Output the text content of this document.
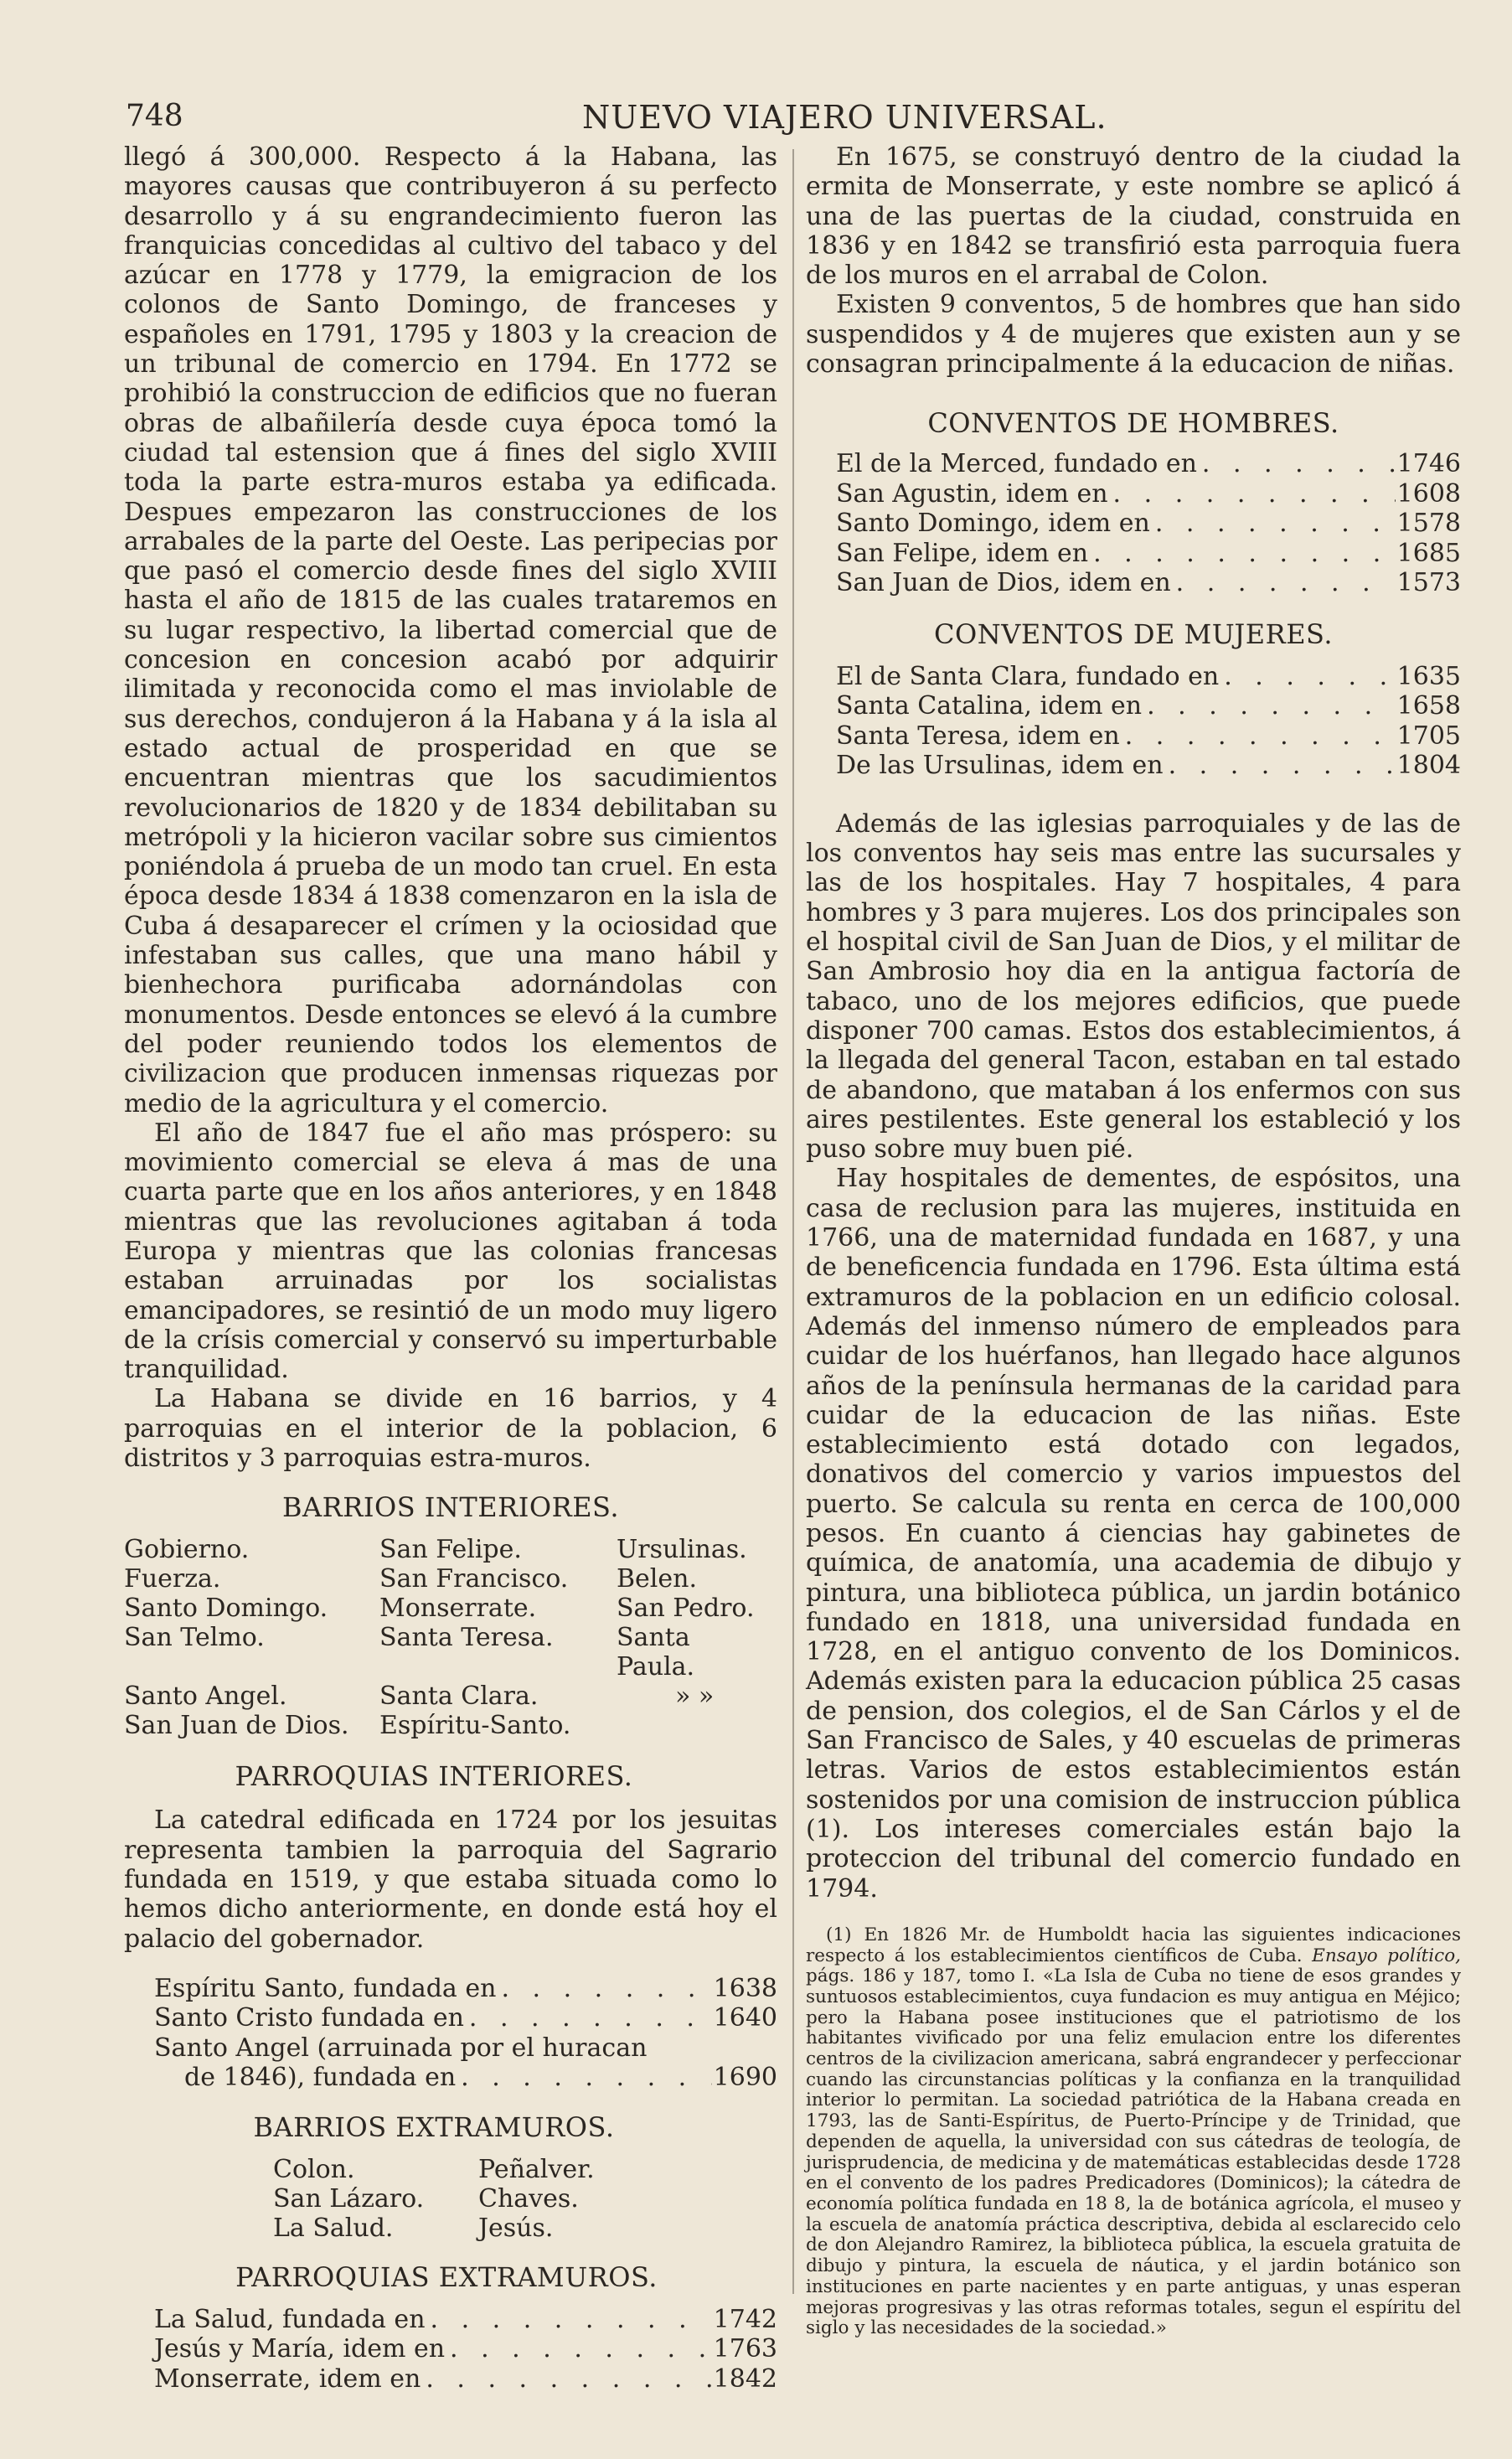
748	NUEVO VIAJERO UNIVERSAL.

llegó á 300,000. Respecto á la Habana, las mayores causas que contribuyeron á su perfecto desarrollo y á su engrandecimiento fueron las franquicias concedidas al cultivo del tabaco y del azúcar en 1778 y 1779, la emigracion de los colonos de Santo Domingo, de franceses y españoles en 1791, 1795 y 1803 y la creacion de un tribunal de comercio en 1794. En 1772 se prohibió la construccion de edificios que no fueran obras de albañilería desde cuya época tomó la ciudad tal estension que á fines del siglo XVIII toda la parte estra-muros estaba ya edificada. Despues empezaron las construcciones de los arrabales de la parte del Oeste. Las peripecias por que pasó el comercio desde fines del siglo XVIII hasta el año de 1815 de las cuales trataremos en su lugar respectivo, la libertad comercial que de concesion en concesion acabó por adquirir ilimitada y reconocida como el mas inviolable de sus derechos, condujeron á la Habana y á la isla al estado actual de prosperidad en que se encuentran mientras que los sacudimientos revolucionarios de 1820 y de 1834 debilitaban su metrópoli y la hicieron vacilar sobre sus cimientos poniéndola á prueba de un modo tan cruel. En esta época desde 1834 á 1838 comenzaron en la isla de Cuba á desaparecer el crímen y la ociosidad que infestaban sus calles, que una mano hábil y bienhechora purificaba adornándolas con monumentos. Desde entonces se elevó á la cumbre del poder reuniendo todos los elementos de civilizacion que producen inmensas riquezas por medio de la agricultura y el comercio.

El año de 1847 fue el año mas próspero: su movimiento comercial se eleva á mas de una cuarta parte que en los años anteriores, y en 1848 mientras que las revoluciones agitaban á toda Europa y mientras que las colonias francesas estaban arruinadas por los socialistas emancipadores, se resintió de un modo muy ligero de la crísis comercial y conservó su imperturbable tranquilidad.

La Habana se divide en 16 barrios, y 4 parroquias en el interior de la poblacion, 6 distritos y 3 parroquias estra-muros.

BARRIOS INTERIORES.
Gobierno.	San Felipe.	Ursulinas.
Fuerza.	San Francisco.	Belen.
Santo Domingo.	Monserrate.	San Pedro.
San Telmo.	Santa Teresa.	Santa Paula.
Santo Angel.	Santa Clara.	» »
San Juan de Dios.	Espíritu-Santo.
PARROQUIAS INTERIORES.

La catedral edificada en 1724 por los jesuitas representa tambien la parroquia del Sagrario fundada en 1519, y que estaba situada como lo hemos dicho anteriormente, en donde está hoy el palacio del gobernador.

Espíritu Santo, fundada en . . .	1638
Santo Cristo fundada en . . .	1640
Santo Angel (arruinada por el huracan
de 1846), fundada en . . .	1690
BARRIOS EXTRAMUROS.
Colon.	Peñalver.
San Lázaro.	Chaves.
La Salud.	Jesús.
PARROQUIAS EXTRAMUROS.
La Salud, fundada en . . .	1742
Jesús y María, idem en . . .	1763
Monserrate, idem en . . .	1842

En 1675, se construyó dentro de la ciudad la ermita de Monserrate, y este nombre se aplicó á una de las puertas de la ciudad, construida en 1836 y en 1842 se transfirió esta parroquia fuera de los muros en el arrabal de Colon.

Existen 9 conventos, 5 de hombres que han sido suspendidos y 4 de mujeres que existen aun y se consagran principalmente á la educacion de niñas.

CONVENTOS DE HOMBRES.
El de la Merced, fundado en . . .	1746
San Agustin, idem en . . .	1608
Santo Domingo, idem en . . .	1578
San Felipe, idem en . . .	1685
San Juan de Dios, idem en . . .	1573
CONVENTOS DE MUJERES.
El de Santa Clara, fundado en . . .	1635
Santa Catalina, idem en . . .	1658
Santa Teresa, idem en . . .	1705
De las Ursulinas, idem en . . .	1804

Además de las iglesias parroquiales y de las de los conventos hay seis mas entre las sucursales y las de los hospitales. Hay 7 hospitales, 4 para hombres y 3 para mujeres. Los dos principales son el hospital civil de San Juan de Dios, y el militar de San Ambrosio hoy dia en la antigua factoría de tabaco, uno de los mejores edificios, que puede disponer 700 camas. Estos dos establecimientos, á la llegada del general Tacon, estaban en tal estado de abandono, que mataban á los enfermos con sus aires pestilentes. Este general los estableció y los puso sobre muy buen pié.

Hay hospitales de dementes, de espósitos, una casa de reclusion para las mujeres, instituida en 1766, una de maternidad fundada en 1687, y una de beneficencia fundada en 1796. Esta última está extramuros de la poblacion en un edificio colosal. Además del inmenso número de empleados para cuidar de los huérfanos, han llegado hace algunos años de la península hermanas de la caridad para cuidar de la educacion de las niñas. Este establecimiento está dotado con legados, donativos del comercio y varios impuestos del puerto. Se calcula su renta en cerca de 100,000 pesos. En cuanto á ciencias hay gabinetes de química, de anatomía, una academia de dibujo y pintura, una biblioteca pública, un jardin botánico fundado en 1818, una universidad fundada en 1728, en el antiguo convento de los Dominicos. Además existen para la educacion pública 25 casas de pension, dos colegios, el de San Cárlos y el de San Francisco de Sales, y 40 escuelas de primeras letras. Varios de estos establecimientos están sostenidos por una comision de instruccion pública (1). Los intereses comerciales están bajo la proteccion del tribunal del comercio fundado en 1794.

(1) En 1826 Mr. de Humboldt hacia las siguientes indicaciones respecto á los establecimientos científicos de Cuba. Ensayo político, págs. 186 y 187, tomo I. «La Isla de Cuba no tiene de esos grandes y suntuosos establecimientos, cuya fundacion es muy antigua en Méjico; pero la Habana posee instituciones que el patriotismo de los habitantes vivificado por una feliz emulacion entre los diferentes centros de la civilizacion americana, sabrá engrandecer y perfeccionar cuando las circunstancias políticas y la confianza en la tranquilidad interior lo permitan. La sociedad patriótica de la Habana creada en 1793, las de Santi-Espíritus, de Puerto-Príncipe y de Trinidad, que dependen de aquella, la universidad con sus cátedras de teología, de jurisprudencia, de medicina y de matemáticas establecidas desde 1728 en el convento de los padres Predicadores (Dominicos); la cátedra de economía política fundada en 18 8, la de botánica agrícola, el museo y la escuela de anatomía práctica descriptiva, debida al esclarecido celo de don Alejandro Ramirez, la biblioteca pública, la escuela gratuita de dibujo y pintura, la escuela de náutica, y el jardin botánico son instituciones en parte nacientes y en parte antiguas, y unas esperan mejoras progresivas y las otras reformas totales, segun el espíritu del siglo y las necesidades de la sociedad.»
